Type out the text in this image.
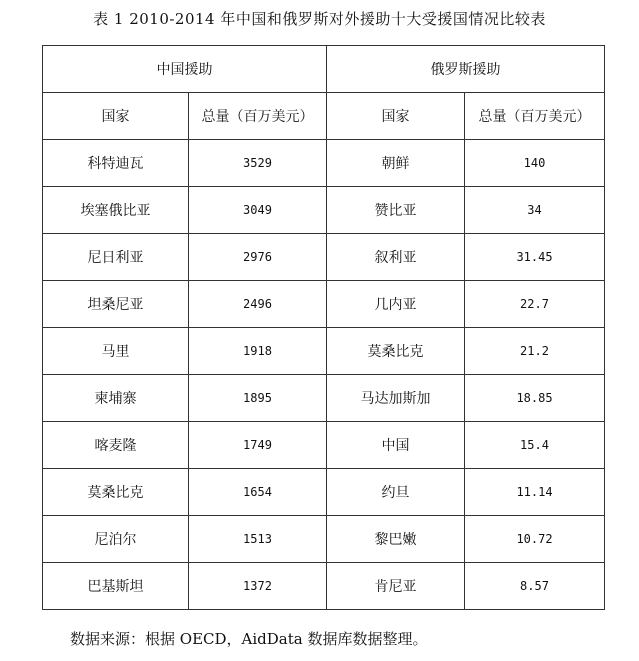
表 1 2010-2014 年中国和俄罗斯对外援助十大受援国情况比较表
中国援助		俄罗斯援助	
国家	总量（百万美元）	国家	总量（百万美元）
科特迪瓦	3529	朝鲜	140
埃塞俄比亚	3049	赞比亚	34
尼日利亚	2976	叙利亚	31.45
坦桑尼亚	2496	几内亚	22.7
马里	1918	莫桑比克	21.2
柬埔寨	1895	马达加斯加	18.85
喀麦隆	1749	中国	15.4
莫桑比克	1654	约旦	11.14
尼泊尔	1513	黎巴嫩	10.72
巴基斯坦	1372	肯尼亚	8.57
数据来源：根据 OECD，AidData 数据库数据整理。
